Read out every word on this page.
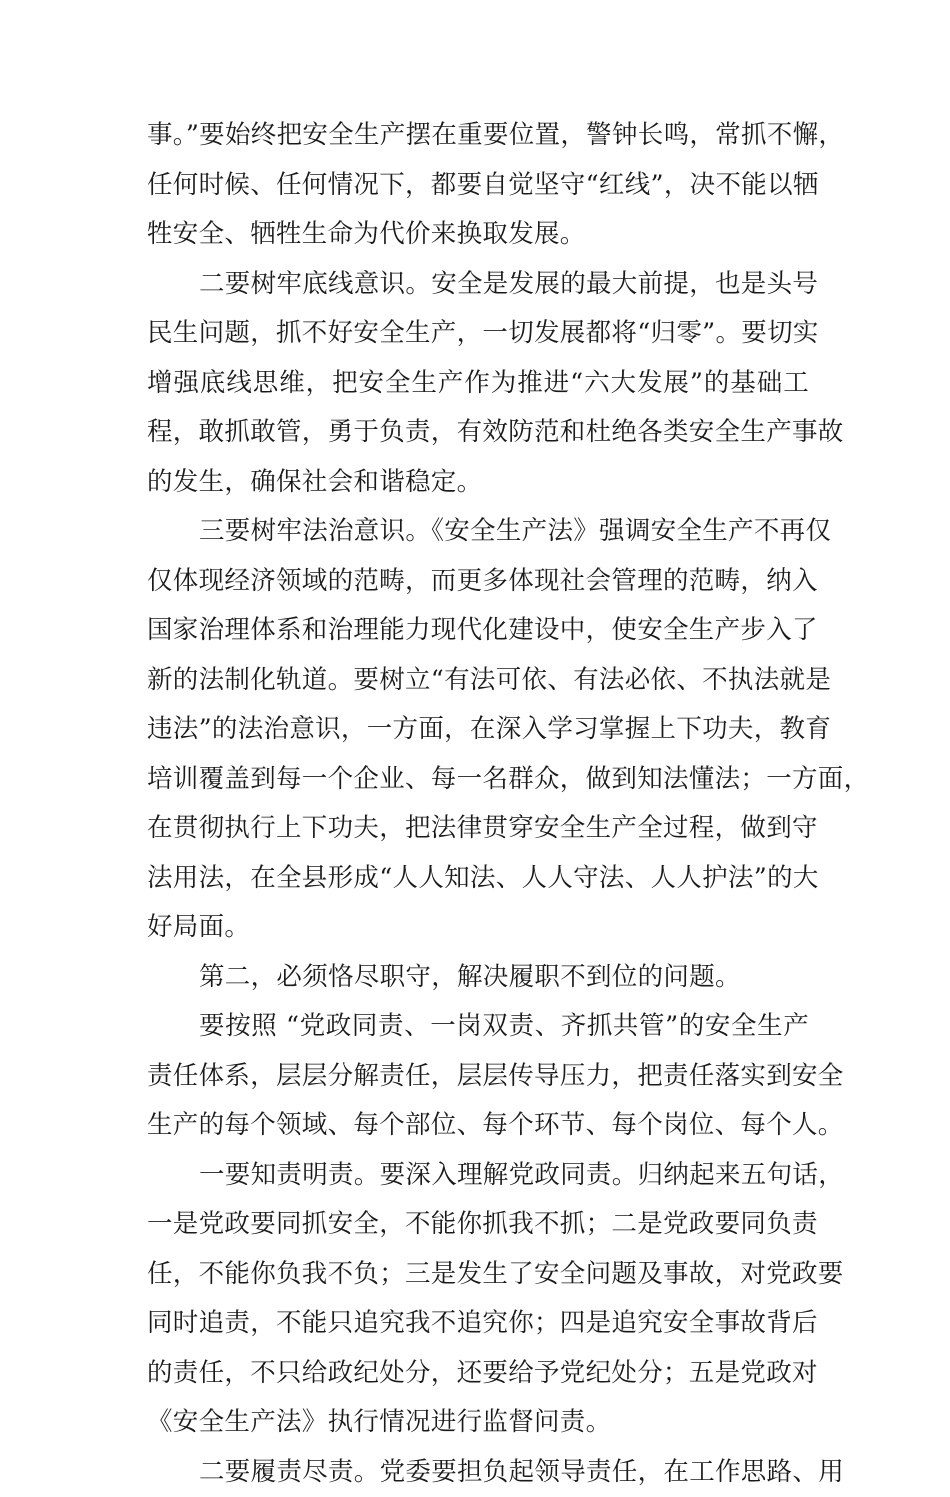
事。”要始终把安全生产摆在重要位置，警钟长鸣，常抓不懈，
任何时候、任何情况下，都要自觉坚守“红线”，决不能以牺
牲安全、牺牲生命为代价来换取发展。
二要树牢底线意识。安全是发展的最大前提，也是头号
民生问题，抓不好安全生产，一切发展都将“归零”。要切实
增强底线思维，把安全生产作为推进“六大发展”的基础工
程，敢抓敢管，勇于负责，有效防范和杜绝各类安全生产事故
的发生，确保社会和谐稳定。
三要树牢法治意识。《安全生产法》强调安全生产不再仅
仅体现经济领域的范畴，而更多体现社会管理的范畴，纳入
国家治理体系和治理能力现代化建设中，使安全生产步入了
新的法制化轨道。要树立“有法可依、有法必依、不执法就是
违法”的法治意识，一方面，在深入学习掌握上下功夫，教育
培训覆盖到每一个企业、每一名群众，做到知法懂法；一方面，
在贯彻执行上下功夫，把法律贯穿安全生产全过程，做到守
法用法，在全县形成“人人知法、人人守法、人人护法”的大
好局面。
第二，必须恪尽职守，解决履职不到位的问题。
要按照 “党政同责、一岗双责、齐抓共管”的安全生产
责任体系，层层分解责任，层层传导压力，把责任落实到安全
生产的每个领域、每个部位、每个环节、每个岗位、每个人。
一要知责明责。要深入理解党政同责。归纳起来五句话，
一是党政要同抓安全，不能你抓我不抓；二是党政要同负责
任，不能你负我不负；三是发生了安全问题及事故，对党政要
同时追责，不能只追究我不追究你；四是追究安全事故背后
的责任，不只给政纪处分，还要给予党纪处分；五是党政对
《安全生产法》执行情况进行监督问责。
二要履责尽责。党委要担负起领导责任，在工作思路、用
